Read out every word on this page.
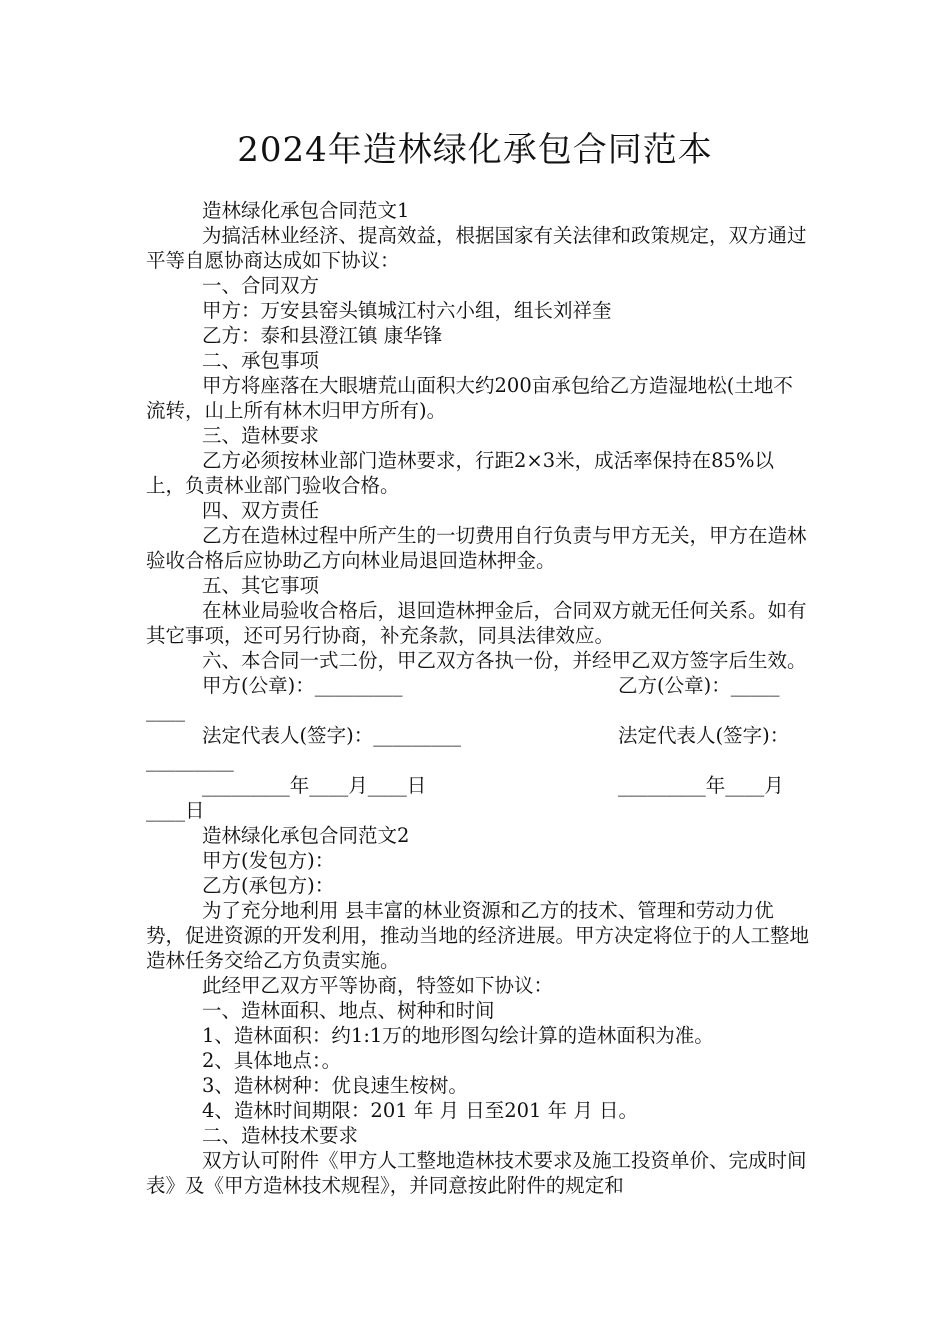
2024年造林绿化承包合同范本

造林绿化承包合同范文1

为搞活林业经济、提高效益，根据国家有关法律和政策规定，双方通过平等自愿协商达成如下协议：

一、合同双方

甲方：万安县窑头镇城江村六小组，组长刘祥奎

乙方：泰和县澄江镇 康华锋

二、承包事项

甲方将座落在大眼塘荒山面积大约200亩承包给乙方造湿地松(土地不流转，山上所有林木归甲方所有)。

三、造林要求

乙方必须按林业部门造林要求，行距2×3米，成活率保持在85%以上，负责林业部门验收合格。

四、双方责任

乙方在造林过程中所产生的一切费用自行负责与甲方无关，甲方在造林验收合格后应协助乙方向林业局退回造林押金。

五、其它事项

在林业局验收合格后，退回造林押金后，合同双方就无任何关系。如有其它事项，还可另行协商，补充条款，同具法律效应。

六、本合同一式二份，甲乙双方各执一份，并经甲乙双方签字后生效。

甲方(公章)：_________	乙方(公章)：_____
____
法定代表人(签字)：_________	法定代表人(签字)：
_________
_________年____月____日	_________年____月
____日

造林绿化承包合同范文2

甲方(发包方)：

乙方(承包方)：

为了充分地利用 县丰富的林业资源和乙方的技术、管理和劳动力优势，促进资源的开发利用，推动当地的经济进展。甲方决定将位于的人工整地造林任务交给乙方负责实施。

此经甲乙双方平等协商，特签如下协议：

一、造林面积、地点、树种和时间

1、造林面积：约1:1万的地形图勾绘计算的造林面积为准。

2、具体地点：。

3、造林树种：优良速生桉树。

4、造林时间期限：201 年 月 日至201 年 月 日。

二、造林技术要求

双方认可附件《甲方人工整地造林技术要求及施工投资单价、完成时间表》及《甲方造林技术规程》，并同意按此附件的规定和
